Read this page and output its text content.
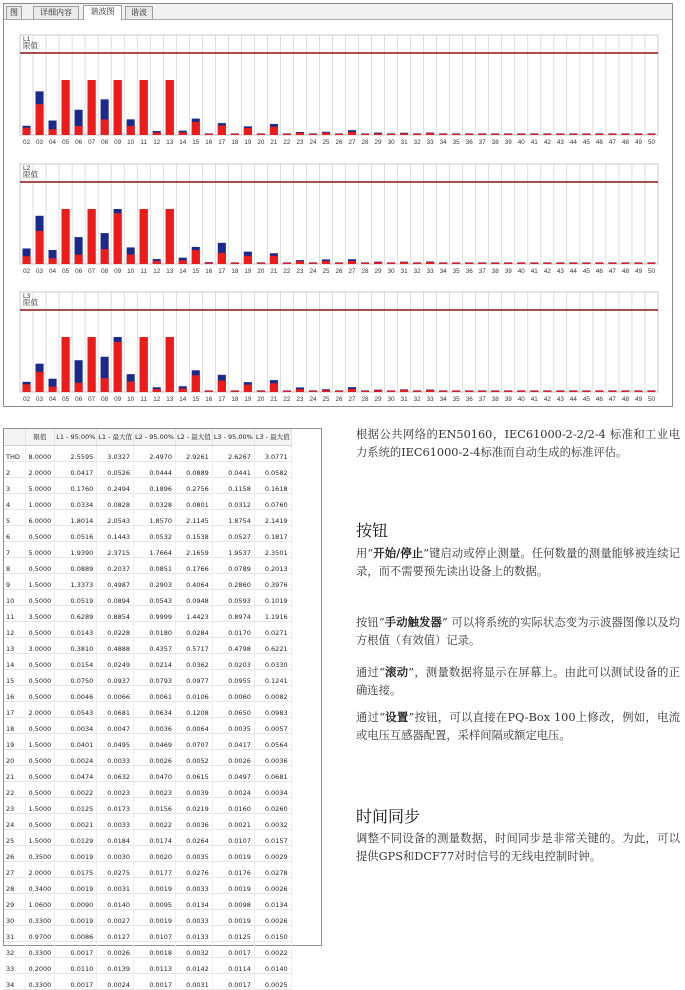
图	详细内容	谐波图	谐波
L1
限值
02 03 04 05 06 07 08 09 10 11 12 13 14 15 16 17 18 19 20 21 22 23 24 25 26 27 28 29 30 31 32 33 34 35 36 37 38 39 40 41 42 43 44 45 46 47 48 49 50
L2
限值
02 03 04 05 06 07 08 09 10 11 12 13 14 15 16 17 18 19 20 21 22 23 24 25 26 27 28 29 30 31 32 33 34 35 36 37 38 39 40 41 42 43 44 45 46 47 48 49 50
L3
限值
02 03 04 05 06 07 08 09 10 11 12 13 14 15 16 17 18 19 20 21 22 23 24 25 26 27 28 29 30 31 32 33 34 35 36 37 38 39 40 41 42 43 44 45 46 47 48 49 50
	限值	L1 - 95.00%	L1 - 最大值	L2 - 95.00%	L2 - 最大值	L3 - 95.00%	L3 - 最大值
THD	8.0000	2.5595	3.0327	2.4970	2.9261	2.6267	3.0771
2	2.0000	0.0417	0.0526	0.0444	0.0889	0.0441	0.0582
3	5.0000	0.1760	0.2494	0.1896	0.2756	0.1158	0.1618
4	1.0000	0.0334	0.0828	0.0328	0.0801	0.0312	0.0760
5	6.0000	1.8014	2.0543	1.8570	2.1145	1.8754	2.1419
6	0.5000	0.0516	0.1443	0.0532	0.1538	0.0527	0.1817
7	5.0000	1.9390	2.3715	1.7664	2.1659	1.9537	2.3501
8	0.5000	0.0889	0.2037	0.0851	0.1766	0.0789	0.2013
9	1.5000	1.3373	0.4987	0.2903	0.4064	0.2860	0.3976
10	0.5000	0.0519	0.0894	0.0543	0.0948	0.0593	0.1019
11	3.5000	0.6289	0.8854	0.9999	1.4423	0.8974	1.1916
12	0.5000	0.0143	0.0228	0.0180	0.0284	0.0170	0.0271
13	3.0000	0.3810	0.4888	0.4357	0.5717	0.4798	0.6221
14	0.5000	0.0154	0.0249	0.0214	0.0362	0.0203	0.0330
15	0.5000	0.0750	0.0937	0.0793	0.0977	0.0955	0.1241
16	0.5000	0.0046	0.0066	0.0061	0.0106	0.0060	0.0082
17	2.0000	0.0543	0.0681	0.0634	0.1208	0.0650	0.0983
18	0.5000	0.0034	0.0047	0.0036	0.0064	0.0035	0.0057
19	1.5000	0.0401	0.0495	0.0469	0.0707	0.0417	0.0564
20	0.5000	0.0024	0.0033	0.0026	0.0052	0.0026	0.0036
21	0.5000	0.0474	0.0632	0.0470	0.0615	0.0497	0.0681
22	0.5000	0.0022	0.0023	0.0023	0.0039	0.0024	0.0034
23	1.5000	0.0125	0.0173	0.0156	0.0219	0.0160	0.0260
24	0.5000	0.0021	0.0033	0.0022	0.0036	0.0021	0.0032
25	1.5000	0.0129	0.0184	0.0174	0.0264	0.0107	0.0157
26	0.3500	0.0019	0.0030	0.0020	0.0035	0.0019	0.0029
27	2.0000	0.0175	0.0275	0.0177	0.0276	0.0176	0.0278
28	0.3400	0.0019	0.0031	0.0019	0.0033	0.0019	0.0026
29	1.0600	0.0090	0.0140	0.0095	0.0134	0.0098	0.0134
30	0.3300	0.0019	0.0027	0.0019	0.0033	0.0019	0.0026
31	0.9700	0.0086	0.0127	0.0107	0.0133	0.0125	0.0150
32	0.3300	0.0017	0.0026	0.0018	0.0032	0.0017	0.0022
33	0.2000	0.0110	0.0139	0.0113	0.0142	0.0114	0.0140
34	0.3300	0.0017	0.0024	0.0017	0.0031	0.0017	0.0025

根据公共网络的EN50160，IEC61000-2-2/2-4 标准和工业电力系统的IEC61000-2-4标准而自动生成的标准评估。

按钮

用“开始/停止”键启动或停止测量。任何数量的测量能够被连续记录，而不需要预先读出设备上的数据。

按钮“手动触发器” 可以将系统的实际状态变为示波器图像以及均方根值（有效值）记录。

通过“滚动”，测量数据将显示在屏幕上。由此可以测试设备的正确连接。

通过“设置”按钮，可以直接在PQ-Box 100上修改，例如，电流或电压互感器配置，采样间隔或额定电压。

时间同步

调整不同设备的测量数据，时间同步是非常关键的。为此，可以提供GPS和DCF77对时信号的无线电控制时钟。
